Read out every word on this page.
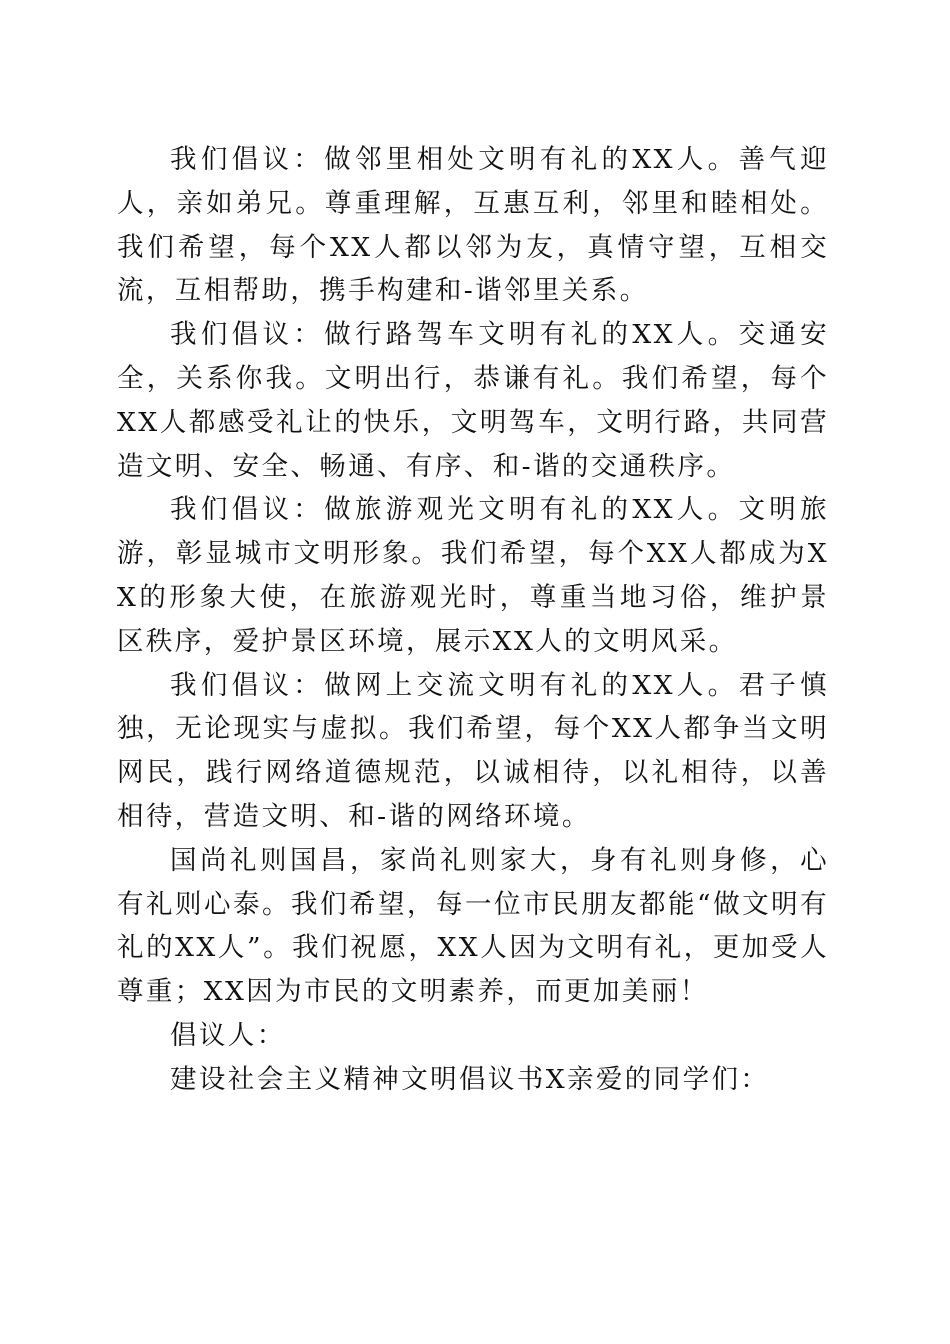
我们倡议：做邻里相处文明有礼的XX人。善气迎人，亲如弟兄。尊重理解，互惠互利，邻里和睦相处。我们希望，每个XX人都以邻为友，真情守望，互相交流，互相帮助，携手构建和-谐邻里关系。

我们倡议：做行路驾车文明有礼的XX人。交通安全，关系你我。文明出行，恭谦有礼。我们希望，每个XX人都感受礼让的快乐，文明驾车，文明行路，共同营造文明、安全、畅通、有序、和-谐的交通秩序。

我们倡议：做旅游观光文明有礼的XX人。文明旅游，彰显城市文明形象。我们希望，每个XX人都成为XX的形象大使，在旅游观光时，尊重当地习俗，维护景区秩序，爱护景区环境，展示XX人的文明风采。

我们倡议：做网上交流文明有礼的XX人。君子慎独，无论现实与虚拟。我们希望，每个XX人都争当文明网民，践行网络道德规范，以诚相待，以礼相待，以善相待，营造文明、和-谐的网络环境。

国尚礼则国昌，家尚礼则家大，身有礼则身修，心有礼则心泰。我们希望，每一位市民朋友都能“做文明有礼的XX人”。我们祝愿，XX人因为文明有礼，更加受人尊重；XX因为市民的文明素养，而更加美丽！

倡议人：

建设社会主义精神文明倡议书X亲爱的同学们：
